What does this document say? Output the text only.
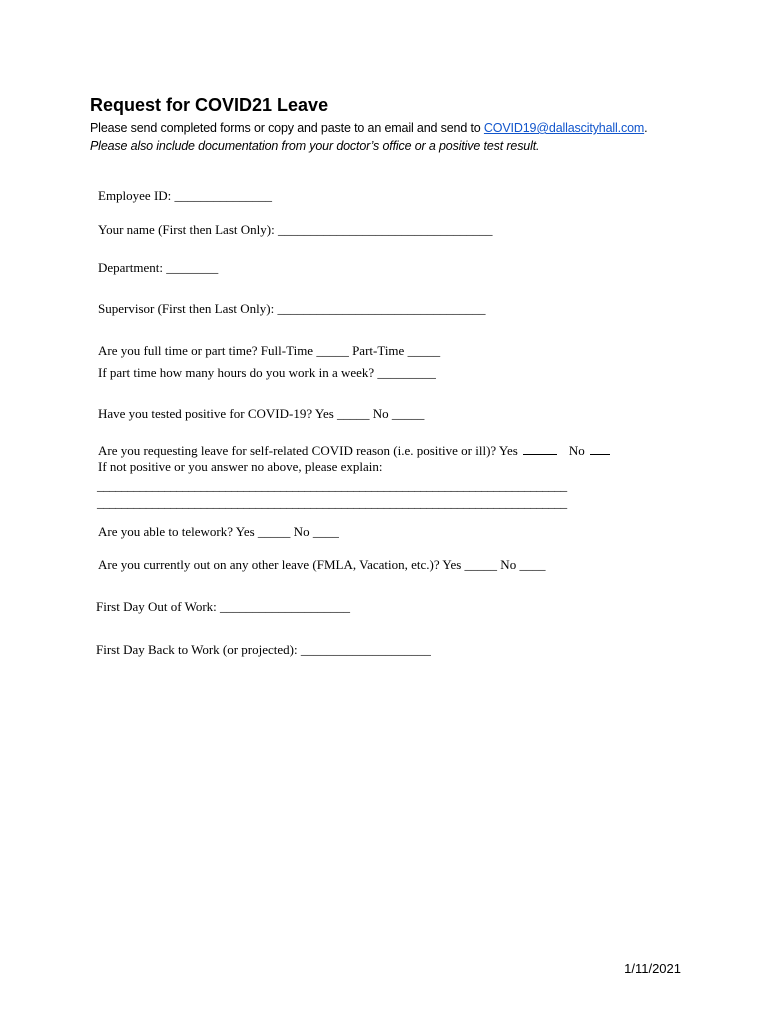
Request for COVID21 Leave
Please send completed forms or copy and paste to an email and send to COVID19@dallascityhall.com.
Please also include documentation from your doctor’s office or a positive test result.
Employee ID: _______________
Your name (First then Last Only): _________________________________
Department: ________
Supervisor (First then Last Only): ________________________________
Are you full time or part time? Full-Time _____ Part-Time _____
If part time how many hours do you work in a week? _________
Have you tested positive for COVID-19? Yes _____ No _____
Are you requesting leave for self-related COVID reason (i.e. positive or ill)? Yes	No
If not positive or you answer no above, please explain:
_____________________________________________________________________________
_____________________________________________________________________________
Are you able to telework? Yes _____ No ____
Are you currently out on any other leave (FMLA, Vacation, etc.)? Yes _____ No ____
First Day Out of Work: ____________________
First Day Back to Work (or projected): ____________________
1/11/2021
